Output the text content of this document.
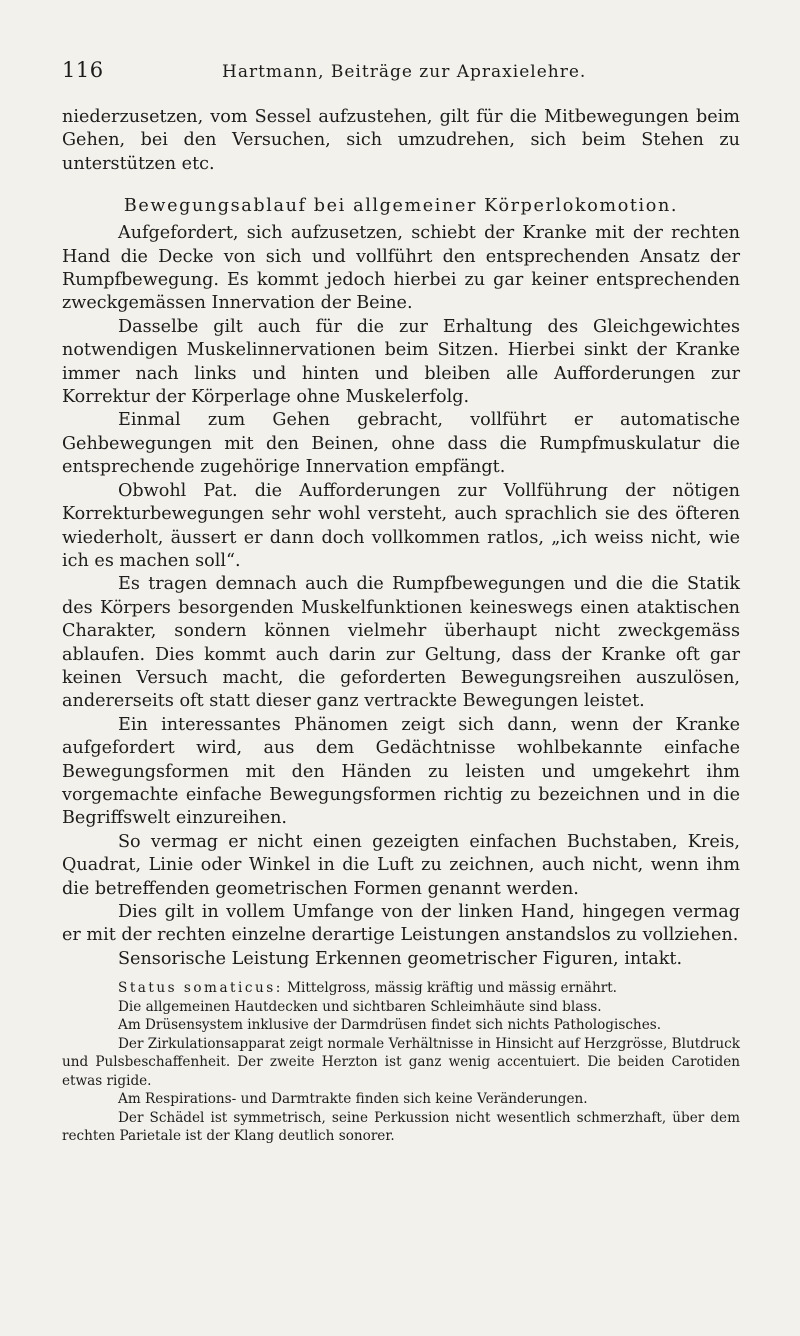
116	Hartmann, Beiträge zur Apraxielehre.

niederzusetzen, vom Sessel aufzustehen, gilt für die Mitbewegungen beim Gehen, bei den Versuchen, sich umzudrehen, sich beim Stehen zu unterstützen etc.

Bewegungsablauf bei allgemeiner Körperlokomotion.

Aufgefordert, sich aufzusetzen, schiebt der Kranke mit der rechten Hand die Decke von sich und vollführt den entsprechenden Ansatz der Rumpfbewegung. Es kommt jedoch hierbei zu gar keiner entsprechenden zweckgemässen Innervation der Beine.

Dasselbe gilt auch für die zur Erhaltung des Gleichgewichtes notwendigen Muskelinnervationen beim Sitzen. Hierbei sinkt der Kranke immer nach links und hinten und bleiben alle Aufforderungen zur Korrektur der Körperlage ohne Muskelerfolg.

Einmal zum Gehen gebracht, vollführt er automatische Gehbewegungen mit den Beinen, ohne dass die Rumpfmuskulatur die entsprechende zugehörige Innervation empfängt.

Obwohl Pat. die Aufforderungen zur Vollführung der nötigen Korrekturbewegungen sehr wohl versteht, auch sprachlich sie des öfteren wiederholt, äussert er dann doch vollkommen ratlos, „ich weiss nicht, wie ich es machen soll“.

Es tragen demnach auch die Rumpfbewegungen und die die Statik des Körpers besorgenden Muskelfunktionen keineswegs einen ataktischen Charakter, sondern können vielmehr überhaupt nicht zweckgemäss ablaufen. Dies kommt auch darin zur Geltung, dass der Kranke oft gar keinen Versuch macht, die geforderten Bewegungsreihen auszulösen, andererseits oft statt dieser ganz vertrackte Bewegungen leistet.

Ein interessantes Phänomen zeigt sich dann, wenn der Kranke aufgefordert wird, aus dem Gedächtnisse wohlbekannte einfache Bewegungsformen mit den Händen zu leisten und umgekehrt ihm vorgemachte einfache Bewegungsformen richtig zu bezeichnen und in die Begriffswelt einzureihen.

So vermag er nicht einen gezeigten einfachen Buchstaben, Kreis, Quadrat, Linie oder Winkel in die Luft zu zeichnen, auch nicht, wenn ihm die betreffenden geometrischen Formen genannt werden.

Dies gilt in vollem Umfange von der linken Hand, hingegen vermag er mit der rechten einzelne derartige Leistungen anstandslos zu vollziehen.

Sensorische Leistung Erkennen geometrischer Figuren, intakt.

Status somaticus: Mittelgross, mässig kräftig und mässig ernährt.

Die allgemeinen Hautdecken und sichtbaren Schleimhäute sind blass.

Am Drüsensystem inklusive der Darmdrüsen findet sich nichts Pathologisches.

Der Zirkulationsapparat zeigt normale Verhältnisse in Hinsicht auf Herzgrösse, Blutdruck und Pulsbeschaffenheit. Der zweite Herzton ist ganz wenig accentuiert. Die beiden Carotiden etwas rigide.

Am Respirations- und Darmtrakte finden sich keine Veränderungen.

Der Schädel ist symmetrisch, seine Perkussion nicht wesentlich schmerzhaft, über dem rechten Parietale ist der Klang deutlich sonorer.
